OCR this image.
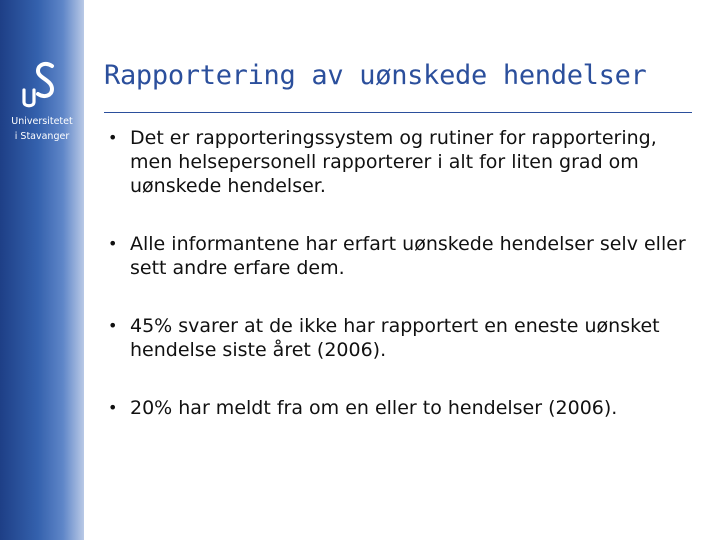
Universitetet
i Stavanger
Rapportering av uønskede hendelser
• Det er rapporteringssystem og rutiner for rapportering, men helsepersonell rapporterer i alt for liten grad om uønskede hendelser.
• Alle informantene har erfart uønskede hendelser selv eller sett andre erfare dem.
• 45% svarer at de ikke har rapportert en eneste uønsket hendelse siste året (2006).
• 20% har meldt fra om en eller to hendelser (2006).
